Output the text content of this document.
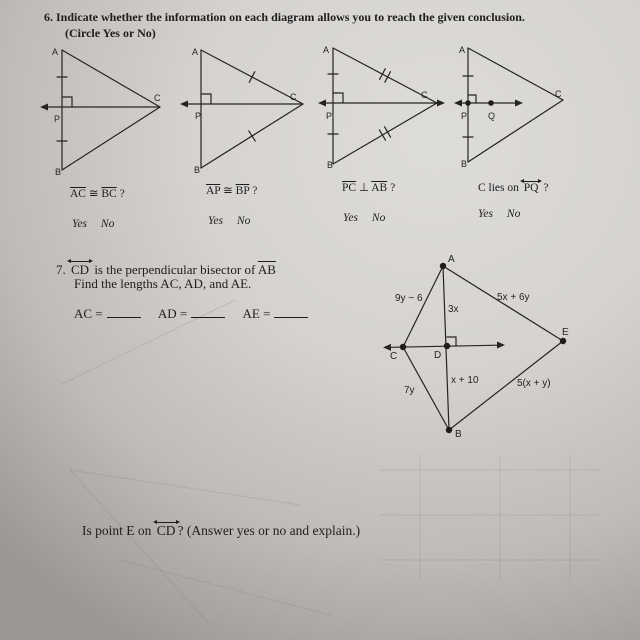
A
B
C
P
A
B
C
P
A
B
C
P
A
B
C
P Q
A
C	D
E
B
9y − 6
3x
5x + 6y
7y
x + 10	5(x + y)
6. Indicate whether the information on each diagram allows you to reach the given conclusion.
(Circle Yes or No)
$\overline{AC}$ ≅ $\overline{BC}$ ?	$\overline{AP}$ ≅ $\overline{BP}$ ?	$\overline{PC}$ ⊥ $\overline{AB}$ ?	C lies on PQ ?
Yes No	Yes No	Yes No	Yes No
7. CD is the perpendicular bisector of $\overline{AB}$
Find the lengths AC, AD, and AE.
AC =	AD =	AE =
Is point E on CD ? (Answer yes or no and explain.)
